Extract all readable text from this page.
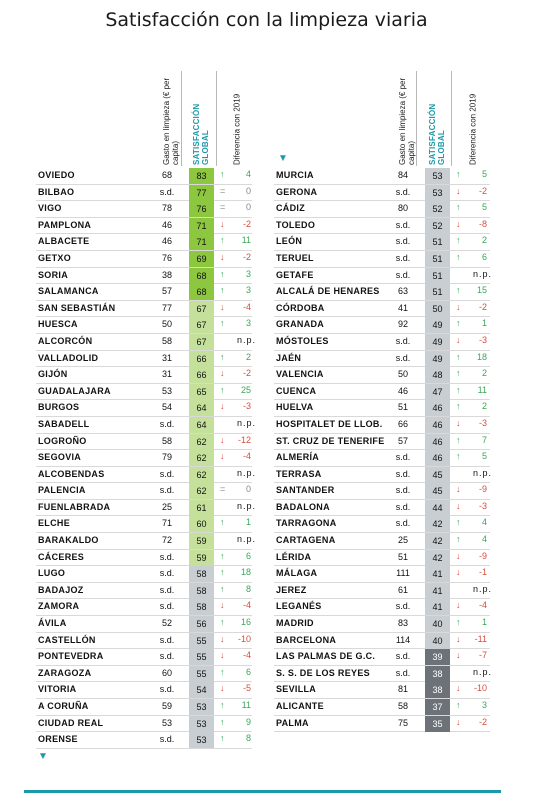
Satisfacción con la limpieza viaria
Gasto en limpieza (€ per capita) SATISFACCIÓN GLOBAL	Diferencia con 2019
OVIEDO	68	83	↑ 4
BILBAO	s.d.	77	= 0
VIGO	78	76	= 0
PAMPLONA	46	71	↓ -2
ALBACETE	46	71	↑ 11
GETXO	76	69	↓ -2
SORIA	38	68	↑ 3
SALAMANCA	57	68	↑ 3
SAN SEBASTIÁN	77	67	↓ -4
HUESCA	50	67	↑ 3
ALCORCÓN	58	67	n.p.
VALLADOLID	31	66	↑ 2
GIJÓN	31	66	↓ -2
GUADALAJARA	53	65	↑ 25
BURGOS	54	64	↓ -3
SABADELL	s.d.	64	n.p.
LOGROÑO	58	62	↓ -12
SEGOVIA	79	62	↓ -4
ALCOBENDAS	s.d.	62	n.p.
PALENCIA	s.d.	62	= 0
FUENLABRADA	25	61	n.p.
ELCHE	71	60	↑ 1
BARAKALDO	72	59	n.p.
CÁCERES	s.d.	59	↑ 6
LUGO	s.d.	58	↑ 18
BADAJOZ	s.d.	58	↑ 8
ZAMORA	s.d.	58	↓ -4
ÁVILA	52	56	↑ 16
CASTELLÓN	s.d.	55	↓ -10
PONTEVEDRA	s.d.	55	↓ -4
ZARAGOZA	60	55	↑ 6
VITORIA	s.d.	54	↓ -5
A CORUÑA	59	53	↑ 11
CIUDAD REAL	53	53	↑ 9
ORENSE	s.d.	53	↑ 8
Gasto en limpieza (€ per capita) SATISFACCIÓN GLOBAL	Diferencia con 2019
▼
MURCIA	84	53	↑ 5
GERONA	s.d.	53	↓ -2
CÁDIZ	80	52	↑ 5
TOLEDO	s.d.	52	↓ -8
LEÓN	s.d.	51	↑ 2
TERUEL	s.d.	51	↑ 6
GETAFE	s.d.	51	n.p.
ALCALÁ DE HENARES	63	51	↑ 15
CÓRDOBA	41	50	↓ -2
GRANADA	92	49	↑ 1
MÓSTOLES	s.d.	49	↓ -3
JAÉN	s.d.	49	↑ 18
VALENCIA	50	48	↑ 2
CUENCA	46	47	↑ 11
HUELVA	51	46	↑ 2
HOSPITALET DE LLOB.	66	46	↓ -3
ST. CRUZ DE TENERIFE	57	46	↑ 7
ALMERÍA	s.d.	46	↑ 5
TERRASA	s.d.	45	n.p.
SANTANDER	s.d.	45	↓ -9
BADALONA	s.d.	44	↓ -3
TARRAGONA	s.d.	42	↑ 4
CARTAGENA	25	42	↑ 4
LÉRIDA	51	42	↓ -9
MÁLAGA	111	41	↓ -1
JEREZ	61	41	n.p.
LEGANÉS	s.d.	41	↓ -4
MADRID	83	40	↑ 1
BARCELONA	114	40	↓ -11
LAS PALMAS DE G.C.	s.d.	39	↓ -7
S. S. DE LOS REYES	s.d.	38	n.p.
SEVILLA	81	38	↓ -10
ALICANTE	58	37	↑ 3
PALMA	75	35	↓ -2
▼
